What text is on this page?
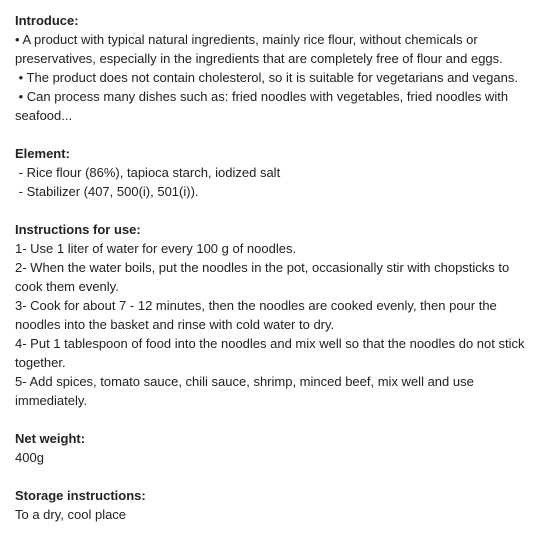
Introduce:

• A product with typical natural ingredients, mainly rice flour, without chemicals or

preservatives, especially in the ingredients that are completely free of flour and eggs.

• The product does not contain cholesterol, so it is suitable for vegetarians and vegans.

• Can process many dishes such as: fried noodles with vegetables, fried noodles with

seafood...

Element:

- Rice flour (86%), tapioca starch, iodized salt

- Stabilizer (407, 500(i), 501(i)).

Instructions for use:

1- Use 1 liter of water for every 100 g of noodles.

2- When the water boils, put the noodles in the pot, occasionally stir with chopsticks to

cook them evenly.

3- Cook for about 7 - 12 minutes, then the noodles are cooked evenly, then pour the

noodles into the basket and rinse with cold water to dry.

4- Put 1 tablespoon of food into the noodles and mix well so that the noodles do not stick

together.

5- Add spices, tomato sauce, chili sauce, shrimp, minced beef, mix well and use

immediately.

Net weight:

400g

Storage instructions:

To a dry, cool place
